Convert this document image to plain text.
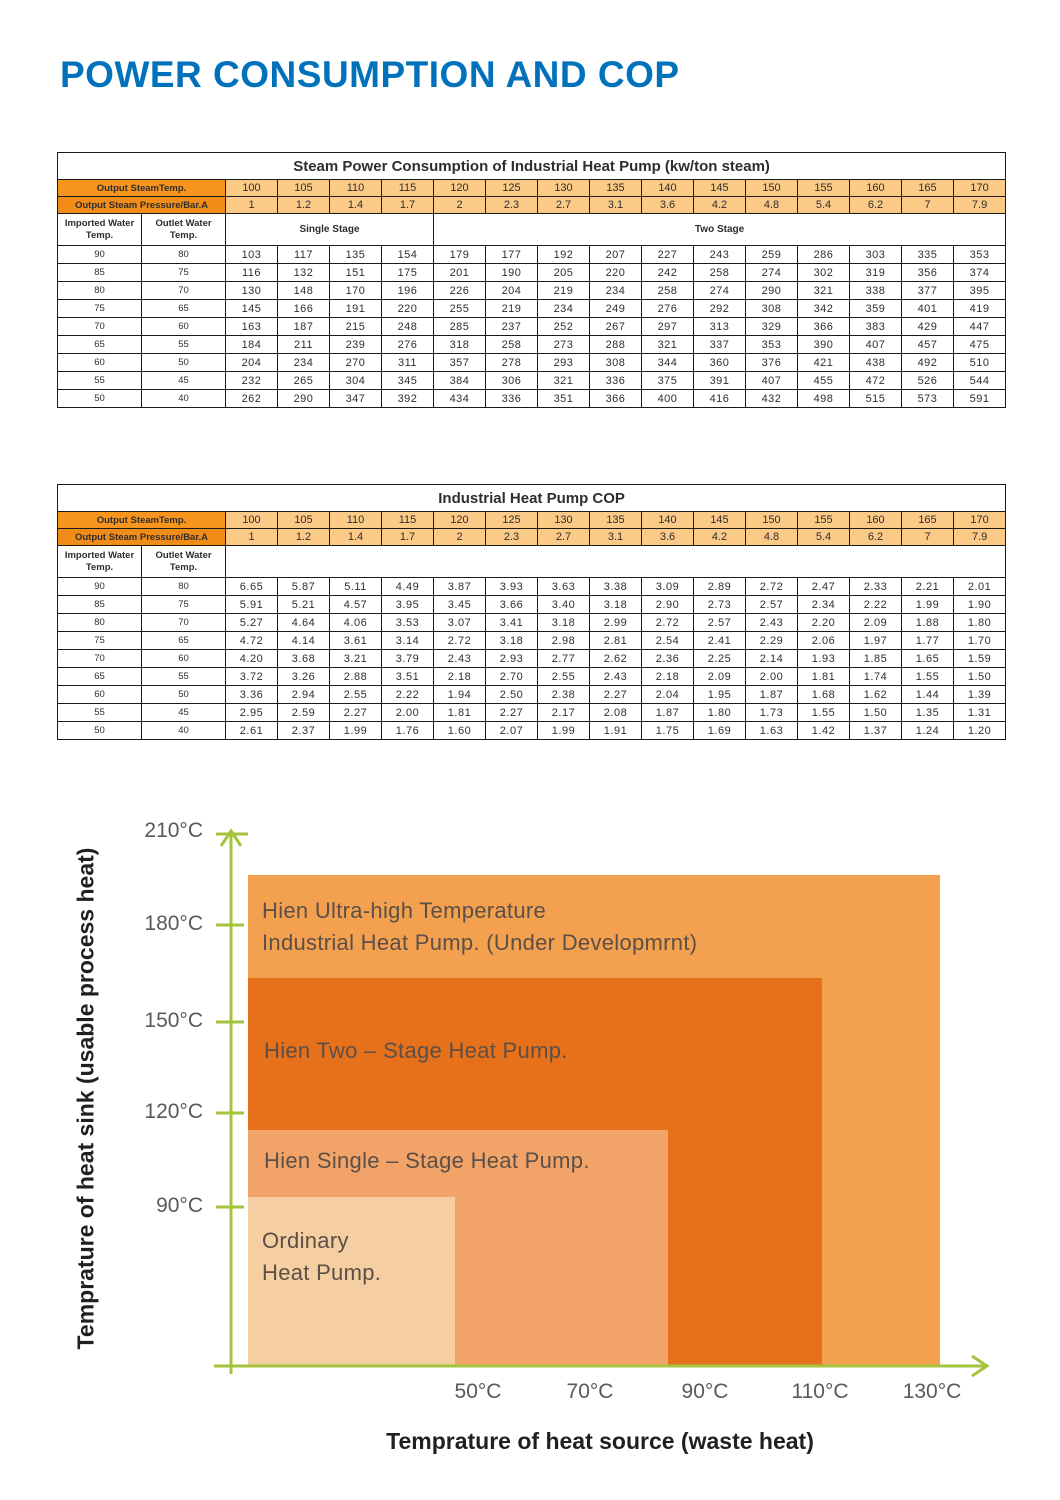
POWER CONSUMPTION AND COP
Steam Power Consumption of Industrial Heat Pump (kw/ton steam)																
Output SteamTemp.		100	105	110	115	120	125	130	135	140	145	150	155	160	165	170
Output Steam Pressure/Bar.A		1	1.2	1.4	1.7	2	2.3	2.7	3.1	3.6	4.2	4.8	5.4	6.2	7	7.9
Imported Water Temp.	Outlet Water Temp.	Single Stage				Two Stage										
90	80	103	117	135	154	179	177	192	207	227	243	259	286	303	335	353
85	75	116	132	151	175	201	190	205	220	242	258	274	302	319	356	374
80	70	130	148	170	196	226	204	219	234	258	274	290	321	338	377	395
75	65	145	166	191	220	255	219	234	249	276	292	308	342	359	401	419
70	60	163	187	215	248	285	237	252	267	297	313	329	366	383	429	447
65	55	184	211	239	276	318	258	273	288	321	337	353	390	407	457	475
60	50	204	234	270	311	357	278	293	308	344	360	376	421	438	492	510
55	45	232	265	304	345	384	306	321	336	375	391	407	455	472	526	544
50	40	262	290	347	392	434	336	351	366	400	416	432	498	515	573	591
Industrial Heat Pump COP																
Output SteamTemp.		100	105	110	115	120	125	130	135	140	145	150	155	160	165	170
Output Steam Pressure/Bar.A		1	1.2	1.4	1.7	2	2.3	2.7	3.1	3.6	4.2	4.8	5.4	6.2	7	7.9
Imported Water Temp.	Outlet Water Temp.															
90	80	6.65	5.87	5.11	4.49	3.87	3.93	3.63	3.38	3.09	2.89	2.72	2.47	2.33	2.21	2.01
85	75	5.91	5.21	4.57	3.95	3.45	3.66	3.40	3.18	2.90	2.73	2.57	2.34	2.22	1.99	1.90
80	70	5.27	4.64	4.06	3.53	3.07	3.41	3.18	2.99	2.72	2.57	2.43	2.20	2.09	1.88	1.80
75	65	4.72	4.14	3.61	3.14	2.72	3.18	2.98	2.81	2.54	2.41	2.29	2.06	1.97	1.77	1.70
70	60	4.20	3.68	3.21	3.79	2.43	2.93	2.77	2.62	2.36	2.25	2.14	1.93	1.85	1.65	1.59
65	55	3.72	3.26	2.88	3.51	2.18	2.70	2.55	2.43	2.18	2.09	2.00	1.81	1.74	1.55	1.50
60	50	3.36	2.94	2.55	2.22	1.94	2.50	2.38	2.27	2.04	1.95	1.87	1.68	1.62	1.44	1.39
55	45	2.95	2.59	2.27	2.00	1.81	2.27	2.17	2.08	1.87	1.80	1.73	1.55	1.50	1.35	1.31
50	40	2.61	2.37	1.99	1.76	1.60	2.07	1.99	1.91	1.75	1.69	1.63	1.42	1.37	1.24	1.20
Hien Ultra-high Temperature
Industrial Heat Pump. (Under Developmrnt)
Hien Two – Stage Heat Pump.
Hien Single – Stage Heat Pump.
Ordinary
Heat Pump.
210°C
180°C
150°C
120°C
90°C
50°C	70°C	90°C	110°C	130°C
Temprature of heat sink (usable process heat)
Temprature of heat source (waste heat)
